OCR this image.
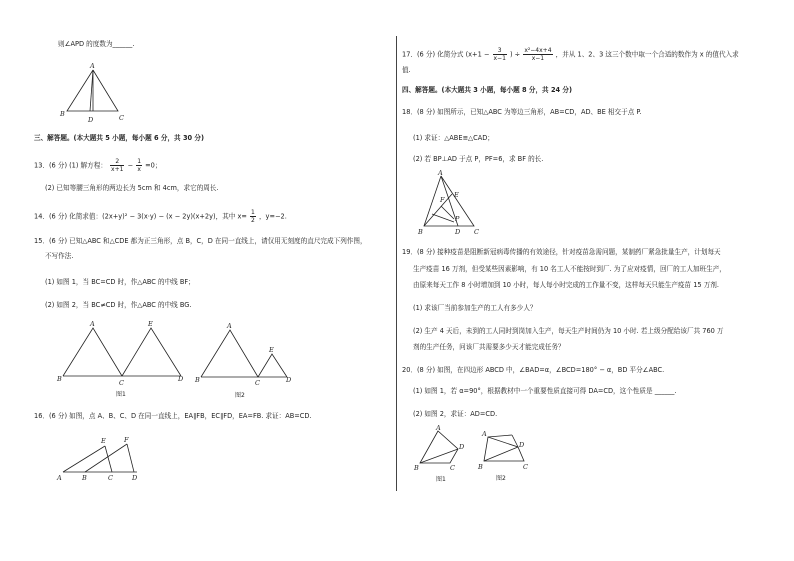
则∠APD 的度数为______.
A
B
D	C
三、解答题。(本大题共 5 小题，每小题 6 分，共 30 分)
13．(6 分) (1) 解方程： $\frac{2}{x+1} - \frac{1}{x} =0$；
(2) 已知等腰三角形的两边长为 5cm 和 4cm，求它的周长.
14．(6 分) 化简求值：(2x+y)² − 3(x·y) − (x − 2y)(x+2y)，其中 $x= \frac{1}{2}$ ，y=−2.
15．(6 分) 已知△ABC 和△CDE 都为正三角形，点 B，C，D 在同一直线上，请仅用无刻度的直尺完成下列作图，
不写作法.
(1) 如图 1，当 BC=CD 时，作△ABC 的中线 BF；
(2) 如图 2，当 BC≠CD 时，作△ABC 的中线 BG.
A	E
B	C	D
图1
A
E
B	C	D
图2
16．(6 分) 如图，点 A、B、C、D 在同一直线上，EA∥FB，EC∥FD，EA=FB. 求证：AB=CD.
E	F
A	B	C	D
17．(6 分) 化简分式 ($x+1 - \frac{3}{x-1}$ ) ÷ $\frac{\text{x²−4x+4}}{x-1}$ ，并从 1、2、3 这三个数中取一个合适的数作为 x 的值代入求
值.
四、解答题。(本大题共 3 小题，每小题 8 分，共 24 分)
18．(8 分) 如图所示，已知△ABC 为等边三角形，AB=CD，AD、BE 相交于点 P.
(1) 求证：△ABE≌△CAD；
(2) 若 BP⊥AD 于点 P，PF=6，求 BF 的长.
A
E
F
P
B	D C
19．(8 分) 接种疫苗是阻断新冠病毒传播的有效途径，针对疫苗急需问题，某制药厂紧急批量生产，计划每天
生产疫苗 16 万剂，但受某些因素影响，有 10 名工人不能按时到厂. 为了应对疫情，回厂的工人加班生产，
由原来每天工作 8 小时增加到 10 小时，每人每小时完成的工作量不变，这样每天只能生产疫苗 15 万剂.
(1) 求该厂当前参加生产的工人有多少人？
(2) 生产 4 天后，未到的工人同时到岗加入生产，每天生产时间仍为 10 小时. 若上级分配给该厂共 760 万
剂的生产任务，问该厂共需要多少天才能完成任务？
20．(8 分) 如图，在四边形 ABCD 中，∠BAD=α，∠BCD=180° − α，BD 平分∠ABC.
(1) 如图 1，若 α=90°，根据教材中一个重要性质直接可得 DA=CD，这个性质是 ______.
(2) 如图 2，求证：AD=CD.
A
D
B	C
图1
A
D
B	C
图2
